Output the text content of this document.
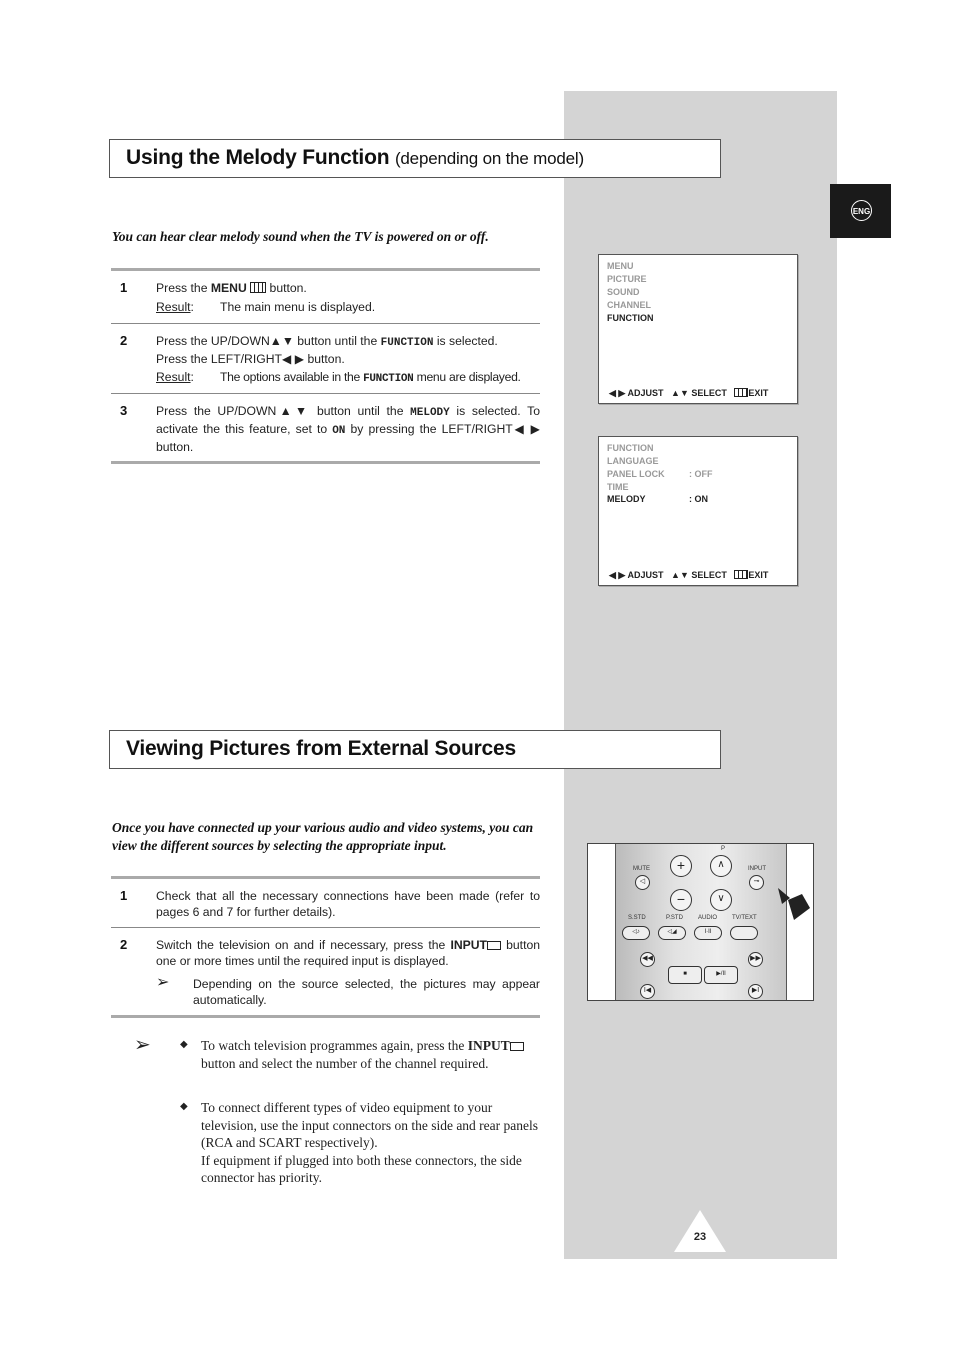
ENG
Using the Melody Function (depending on the model)
You can hear clear melody sound when the TV is powered on or off.
1 Press the MENU button.
Result: The main menu is displayed.
2 Press the UP/DOWN▲▼ button until the FUNCTION is selected.
Press the LEFT/RIGHT◀ ▶ button.
Result: The options available in the FUNCTION menu are displayed.
3 Press the UP/DOWN▲▼ button until the MELODY is selected. To activate the this feature, set to ON by pressing the LEFT/RIGHT◀ ▶ button.
MENU
PICTURE
SOUND
CHANNEL
FUNCTION
◀ ▶ ADJUST ▲▼ SELECT EXIT
FUNCTION
LANGUAGE
PANEL LOCK	: OFF
TIME
MELODY	: ON
◀ ▶ ADJUST ▲▼ SELECT EXIT
Viewing Pictures from External Sources
Once you have connected up your various audio and video systems, you can view the different sources by selecting the appropriate input.
1 Check that all the necessary connections have been made (refer to pages 6 and 7 for further details).
2 Switch the television on and if necessary, press the INPUT button one or more times until the required input is displayed.
➢ Depending on the source selected, the pictures may appear automatically.
➢	◆ To watch television programmes again, press the INPUT button and select the number of the channel required.
◆ To connect different types of video equipment to your television, use the input connectors on the side and rear panels (RCA and SCART respectively).
If equipment if plugged into both these connectors, the side connector has priority.
P
MUTE	INPUT
◁
+
−
∧
∨
⊸
S.STD	P.STD	AUDIO TV/TEXT
◁♪	◁◢	I·II
◀◀
■	▶/II
▶▶
I◀	▶I
23
